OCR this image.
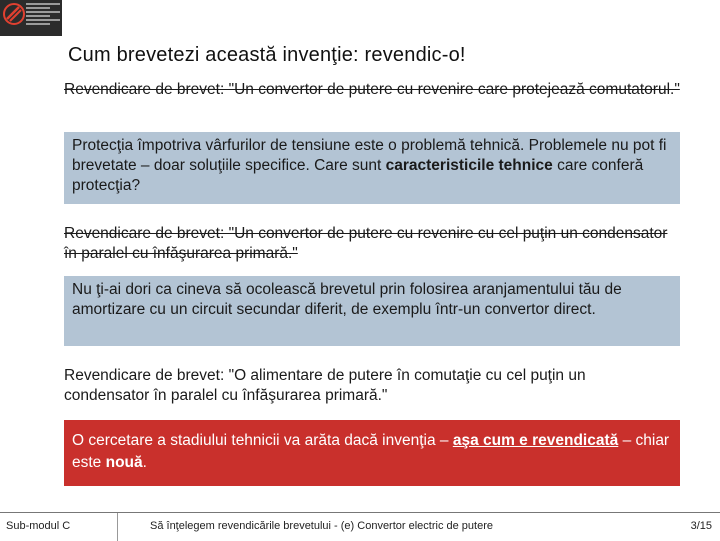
Cum brevetezi această invenţie: revendic-o!
Revendicare de brevet: "Un convertor de putere cu revenire care protejează comutatorul."
Protecţia împotriva vârfurilor de tensiune este o problemă tehnică. Problemele nu pot fi brevetate – doar soluţiile specifice. Care sunt caracteristicile tehnice care conferă protecţia?
Revendicare de brevet: "Un convertor de putere cu revenire cu cel puţin un condensator în paralel cu înfăşurarea primară."
Nu ţi-ai dori ca cineva să ocolească brevetul prin folosirea aranjamentului tău de amortizare cu un circuit secundar diferit, de exemplu într-un convertor direct.
Revendicare de brevet: "O alimentare de putere în comutaţie cu cel puţin un condensator în paralel cu înfăşurarea primară."
O cercetare a stadiului tehnicii va arăta dacă invenţia – aşa cum e revendicată – chiar este nouă.
Sub-modul C	Să înţelegem revendicările brevetului - (e) Convertor electric de putere	3/15
